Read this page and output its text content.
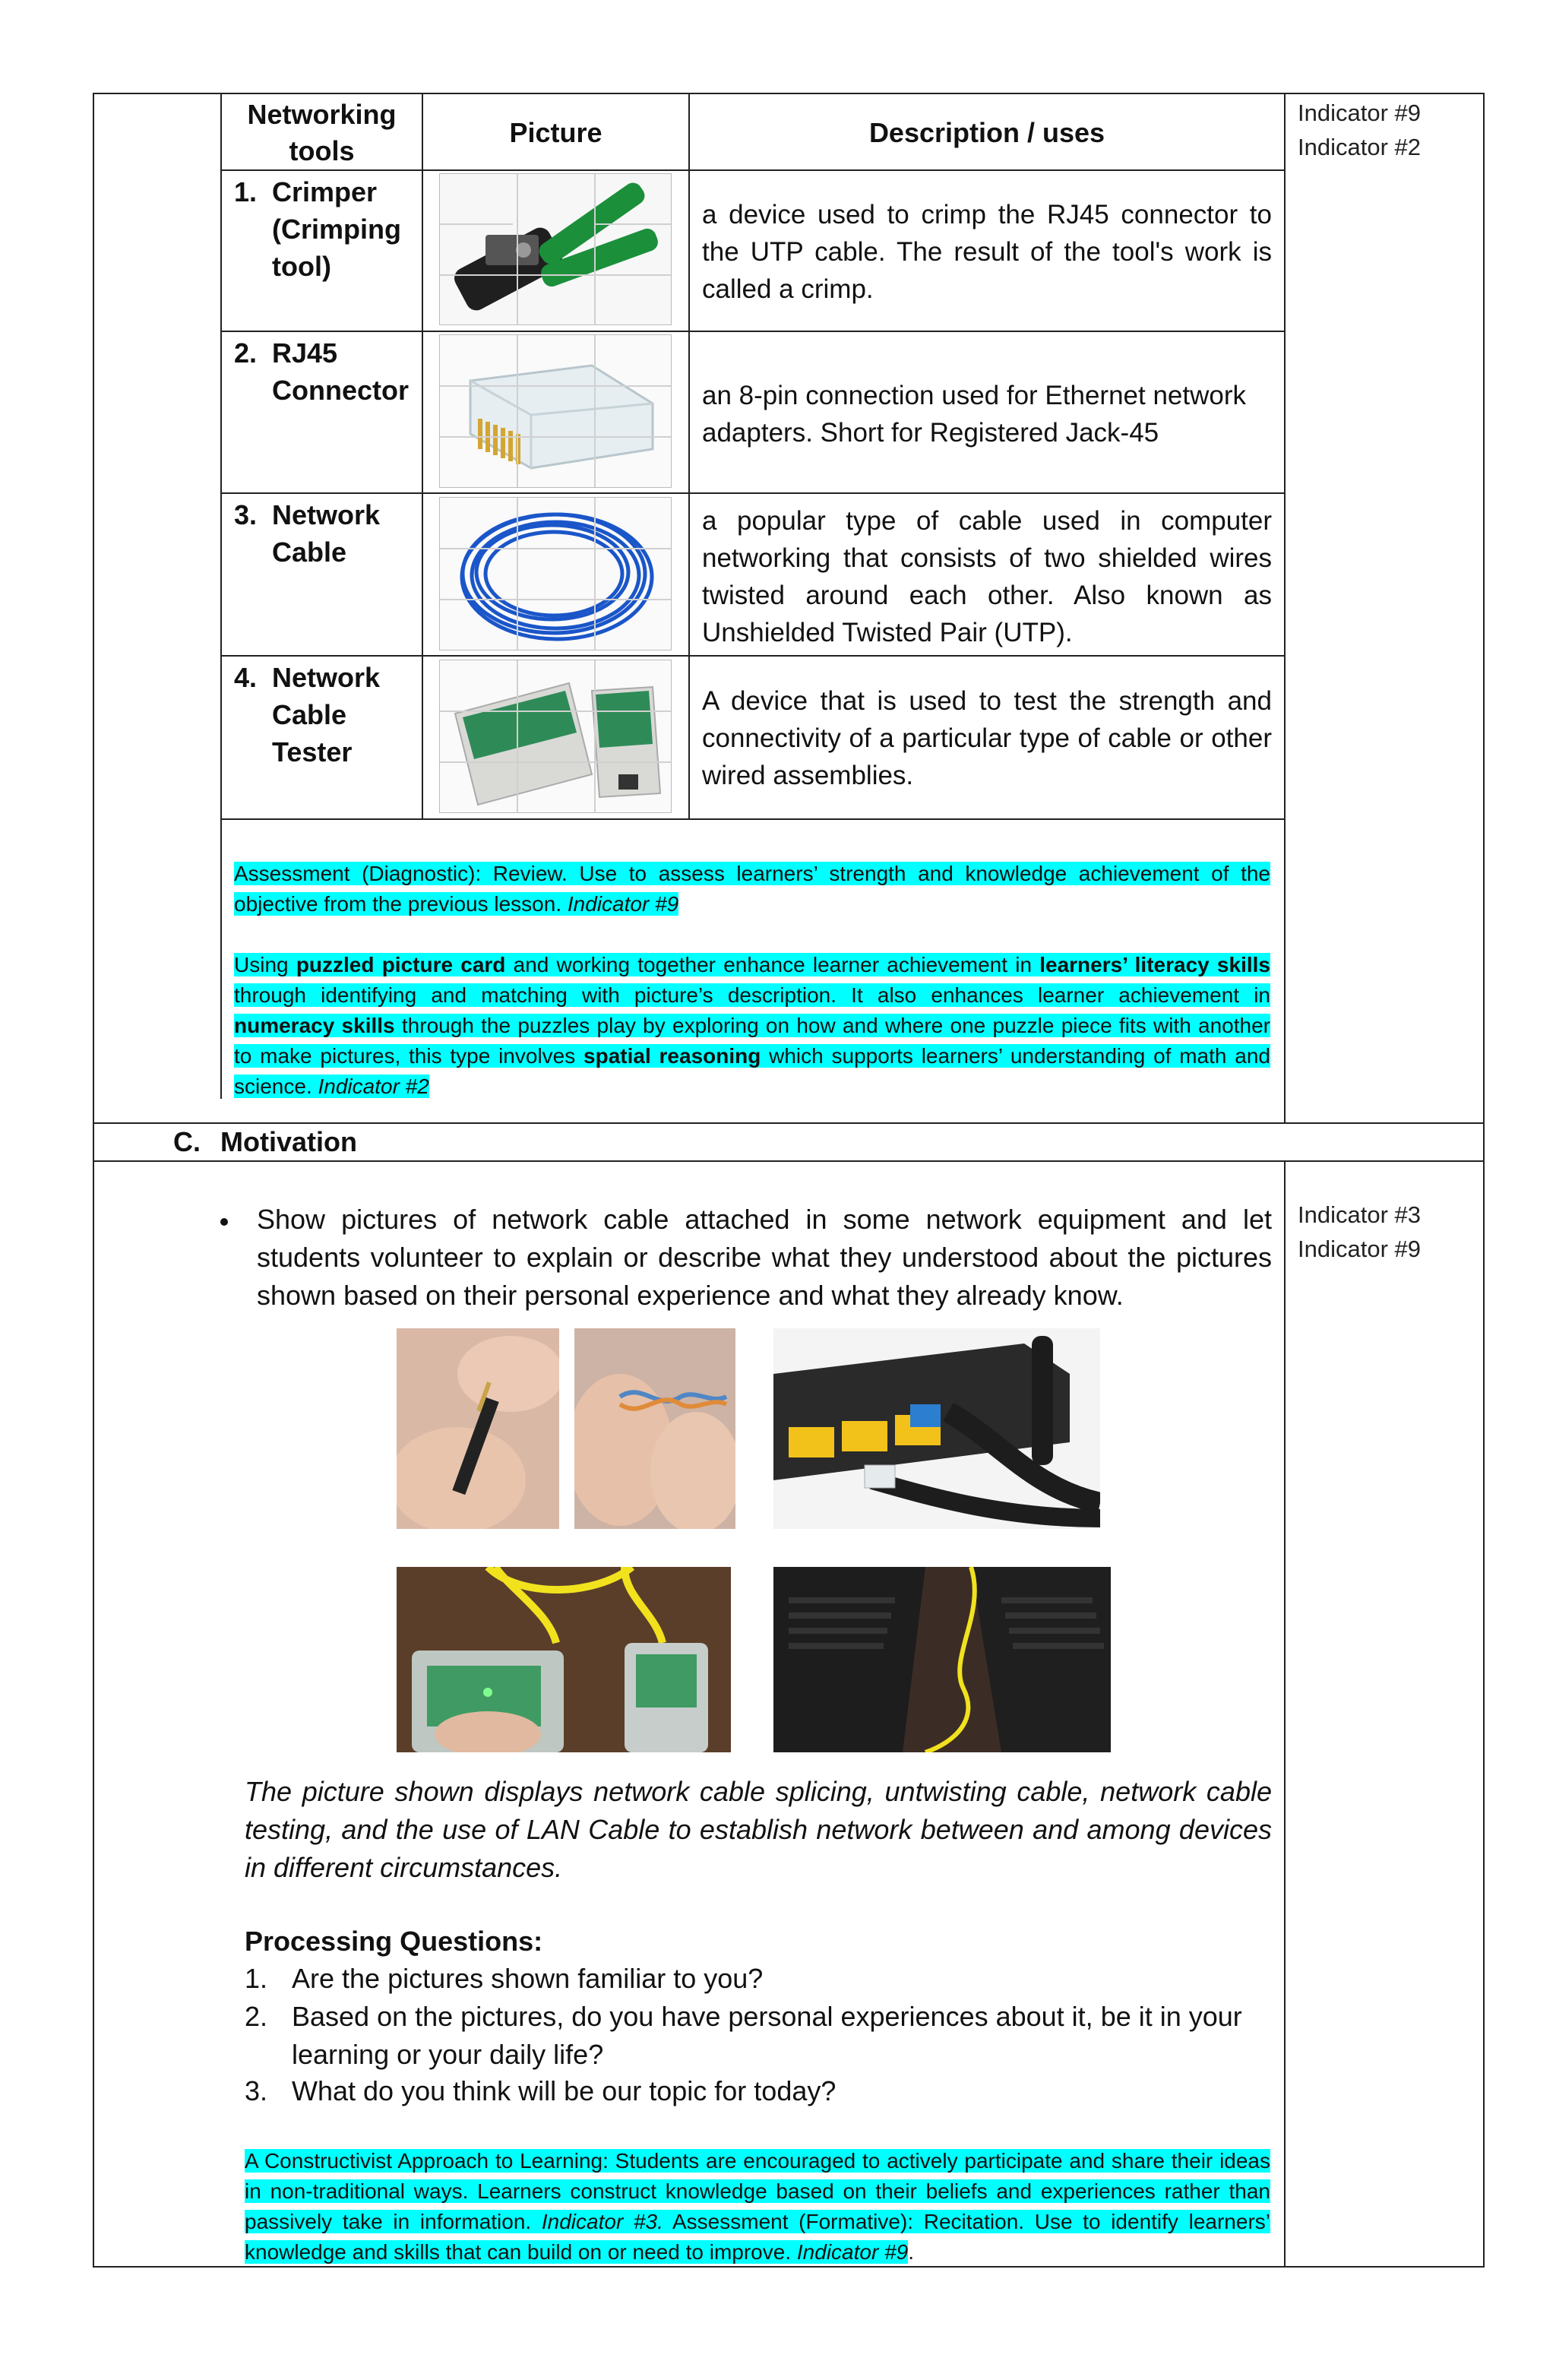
Networking tools
Picture	Description / uses
Indicator #9
Indicator #2
1. Crimper (Crimping tool)
a device used to crimp the RJ45 connector to the UTP cable. The result of the tool's work is called a crimp.
2. RJ45 Connector	an 8-pin connection used for Ethernet network adapters. Short for Registered Jack-45
3. Network Cable
a popular type of cable used in computer networking that consists of two shielded wires twisted around each other. Also known as Unshielded Twisted Pair (UTP).
4. Network Cable Tester
A device that is used to test the strength and connectivity of a particular type of cable or other wired assemblies.
Assessment (Diagnostic): Review. Use to assess learners’ strength and knowledge achievement of the objective from the previous lesson. Indicator #9
Using puzzled picture card and working together enhance learner achievement in learners’ literacy skills through identifying and matching with picture’s description. It also enhances learner achievement in numeracy skills through the puzzles play by exploring on how and where one puzzle piece fits with another to make pictures, this type involves spatial reasoning which supports learners’ understanding of math and science. Indicator #2
C. Motivation
Indicator #3
Indicator #9
Show pictures of network cable attached in some network equipment and let students volunteer to explain or describe what they understood about the pictures shown based on their personal experience and what they already know.
The picture shown displays network cable splicing, untwisting cable, network cable testing, and the use of LAN Cable to establish network between and among devices in different circumstances.
Processing Questions:
1. Are the pictures shown familiar to you?
2. Based on the pictures, do you have personal experiences about it, be it in your learning or your daily life?
3. What do you think will be our topic for today?
A Constructivist Approach to Learning: Students are encouraged to actively participate and share their ideas in non-traditional ways. Learners construct knowledge based on their beliefs and experiences rather than passively take in information. Indicator #3. Assessment (Formative): Recitation. Use to identify learners’ knowledge and skills that can build on or need to improve. Indicator #9.
